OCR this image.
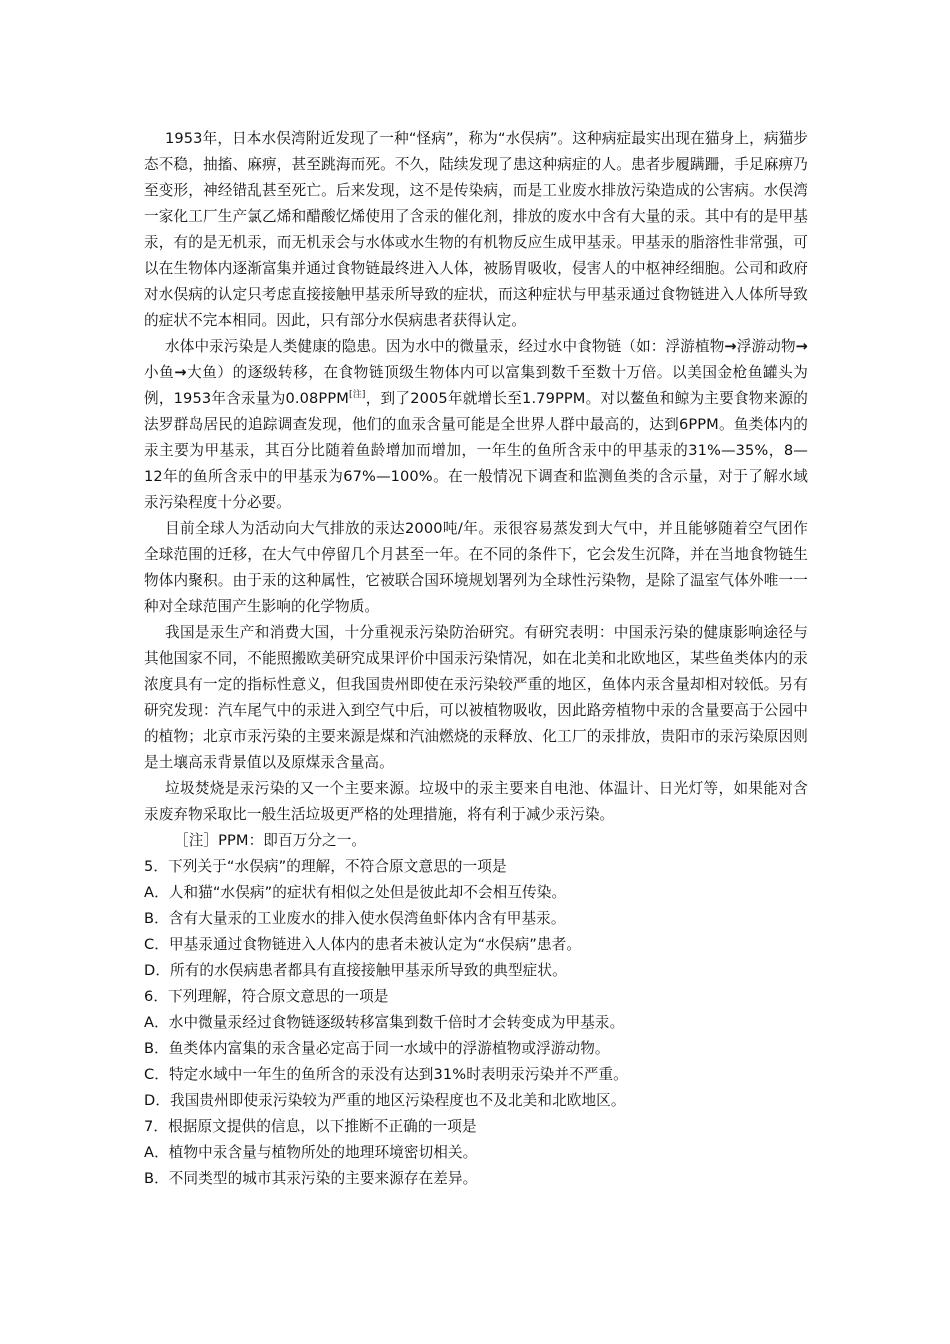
1953年，日本水俣湾附近发现了一种“怪病”，称为“水俣病”。这种病症最实出现在猫身上，病猫步态不稳，抽搐、麻痹，甚至跳海而死。不久，陆续发现了患这种病症的人。患者步履蹒跚，手足麻痹乃至变形，神经错乱甚至死亡。后来发现，这不是传染病，而是工业废水排放污染造成的公害病。水俣湾一家化工厂生产氯乙烯和醋酸忆烯使用了含汞的催化剂，排放的废水中含有大量的汞。其中有的是甲基汞，有的是无机汞，而无机汞会与水体或水生物的有机物反应生成甲基汞。甲基汞的脂溶性非常强，可以在生物体内逐渐富集并通过食物链最终进入人体，被肠胃吸收，侵害人的中枢神经细胞。公司和政府对水俣病的认定只考虑直接接触甲基汞所导致的症状，而这种症状与甲基汞通过食物链进入人体所导致的症状不完本相同。因此，只有部分水俣病患者获得认定。

水体中汞污染是人类健康的隐患。因为水中的微量汞，经过水中食物链（如：浮游植物→浮游动物→小鱼→大鱼）的逐级转移，在食物链顶级生物体内可以富集到数千至数十万倍。以美国金枪鱼罐头为例，1953年含汞量为0.08PPM[注]，到了2005年就增长至1.79PPM。对以鳌鱼和鲸为主要食物来源的法罗群岛居民的追踪调查发现，他们的血汞含量可能是全世界人群中最高的，达到6PPM。鱼类体内的汞主要为甲基汞，其百分比随着鱼龄增加而增加，一年生的鱼所含汞中的甲基汞的31%—35%，8—12年的鱼所含汞中的甲基汞为67%—100%。在一般情况下调查和监测鱼类的含示量，对于了解水域汞污染程度十分必要。

目前全球人为活动向大气排放的汞达2000吨/年。汞很容易蒸发到大气中，并且能够随着空气团作全球范围的迁移，在大气中停留几个月甚至一年。在不同的条件下，它会发生沉降，并在当地食物链生物体内聚积。由于汞的这种属性，它被联合国环境规划署列为全球性污染物，是除了温室气体外唯一一种对全球范围产生影响的化学物质。

我国是汞生产和消费大国，十分重视汞污染防治研究。有研究表明：中国汞污染的健康影响途径与其他国家不同，不能照搬欧美研究成果评价中国汞污染情况，如在北美和北欧地区，某些鱼类体内的汞浓度具有一定的指标性意义，但我国贵州即使在汞污染较严重的地区，鱼体内汞含量却相对较低。另有研究发现：汽车尾气中的汞进入到空气中后，可以被植物吸收，因此路旁植物中汞的含量要高于公园中的植物；北京市汞污染的主要来源是煤和汽油燃烧的汞释放、化工厂的汞排放，贵阳市的汞污染原因则是土壤高汞背景值以及原煤汞含量高。

垃圾焚烧是汞污染的又一个主要来源。垃圾中的汞主要来自电池、体温计、日光灯等，如果能对含汞废弃物采取比一般生活垃圾更严格的处理措施，将有利于减少汞污染。

［注］PPM：即百万分之一。

5．下列关于“水俣病”的理解，不符合原文意思的一项是

A．人和猫“水俣病”的症状有相似之处但是彼此却不会相互传染。

B．含有大量汞的工业废水的排入使水俣湾鱼虾体内含有甲基汞。

C．甲基汞通过食物链进入人体内的患者未被认定为“水俣病”患者。

D．所有的水俣病患者都具有直接接触甲基汞所导致的典型症状。

6．下列理解，符合原文意思的一项是

A．水中微量汞经过食物链逐级转移富集到数千倍时才会转变成为甲基汞。

B．鱼类体内富集的汞含量必定高于同一水域中的浮游植物或浮游动物。

C．特定水域中一年生的鱼所含的汞没有达到31%时表明汞污染并不严重。

D．我国贵州即使汞污染较为严重的地区污染程度也不及北美和北欧地区。

7．根据原文提供的信息，以下推断不正确的一项是

A．植物中汞含量与植物所处的地理环境密切相关。

B．不同类型的城市其汞污染的主要来源存在差异。
